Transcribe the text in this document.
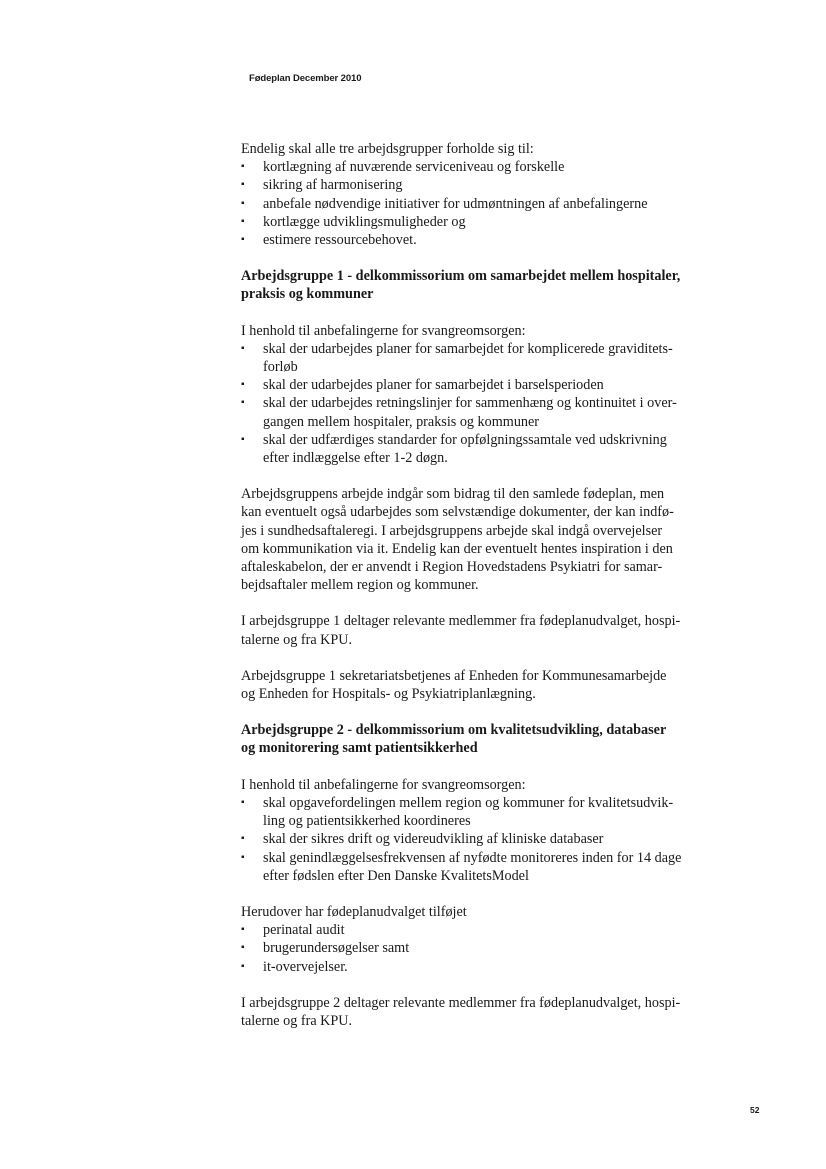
Fødeplan December 2010

Endelig skal alle tre arbejdsgrupper forholde sig til:

▪ kortlægning af nuværende serviceniveau og forskelle
▪ sikring af harmonisering
▪ anbefale nødvendige initiativer for udmøntningen af anbefalingerne
▪ kortlægge udviklingsmuligheder og
▪ estimere ressourcebehovet.

Arbejdsgruppe 1 - delkommissorium om samarbejdet mellem hospitaler,
praksis og kommuner

I henhold til anbefalingerne for svangreomsorgen:

▪ skal der udarbejdes planer for samarbejdet for komplicerede graviditets-
forløb
▪ skal der udarbejdes planer for samarbejdet i barselsperioden
▪ skal der udarbejdes retningslinjer for sammenhæng og kontinuitet i over-
gangen mellem hospitaler, praksis og kommuner
▪ skal der udfærdiges standarder for opfølgningssamtale ved udskrivning
efter indlæggelse efter 1-2 døgn.

Arbejdsgruppens arbejde indgår som bidrag til den samlede fødeplan, men
kan eventuelt også udarbejdes som selvstændige dokumenter, der kan indfø-
jes i sundhedsaftaleregi. I arbejdsgruppens arbejde skal indgå overvejelser
om kommunikation via it. Endelig kan der eventuelt hentes inspiration i den
aftaleskabelon, der er anvendt i Region Hovedstadens Psykiatri for samar-
bejdsaftaler mellem region og kommuner.

I arbejdsgruppe 1 deltager relevante medlemmer fra fødeplanudvalget, hospi-
talerne og fra KPU.

Arbejdsgruppe 1 sekretariatsbetjenes af Enheden for Kommunesamarbejde
og Enheden for Hospitals- og Psykiatriplanlægning.

Arbejdsgruppe 2 - delkommissorium om kvalitetsudvikling, databaser
og monitorering samt patientsikkerhed

I henhold til anbefalingerne for svangreomsorgen:

▪ skal opgavefordelingen mellem region og kommuner for kvalitetsudvik-
ling og patientsikkerhed koordineres
▪ skal der sikres drift og videreudvikling af kliniske databaser
▪ skal genindlæggelsesfrekvensen af nyfødte monitoreres inden for 14 dage
efter fødslen efter Den Danske KvalitetsModel

Herudover har fødeplanudvalget tilføjet

▪ perinatal audit
▪ brugerundersøgelser samt
▪ it-overvejelser.

I arbejdsgruppe 2 deltager relevante medlemmer fra fødeplanudvalget, hospi-
talerne og fra KPU.

52
